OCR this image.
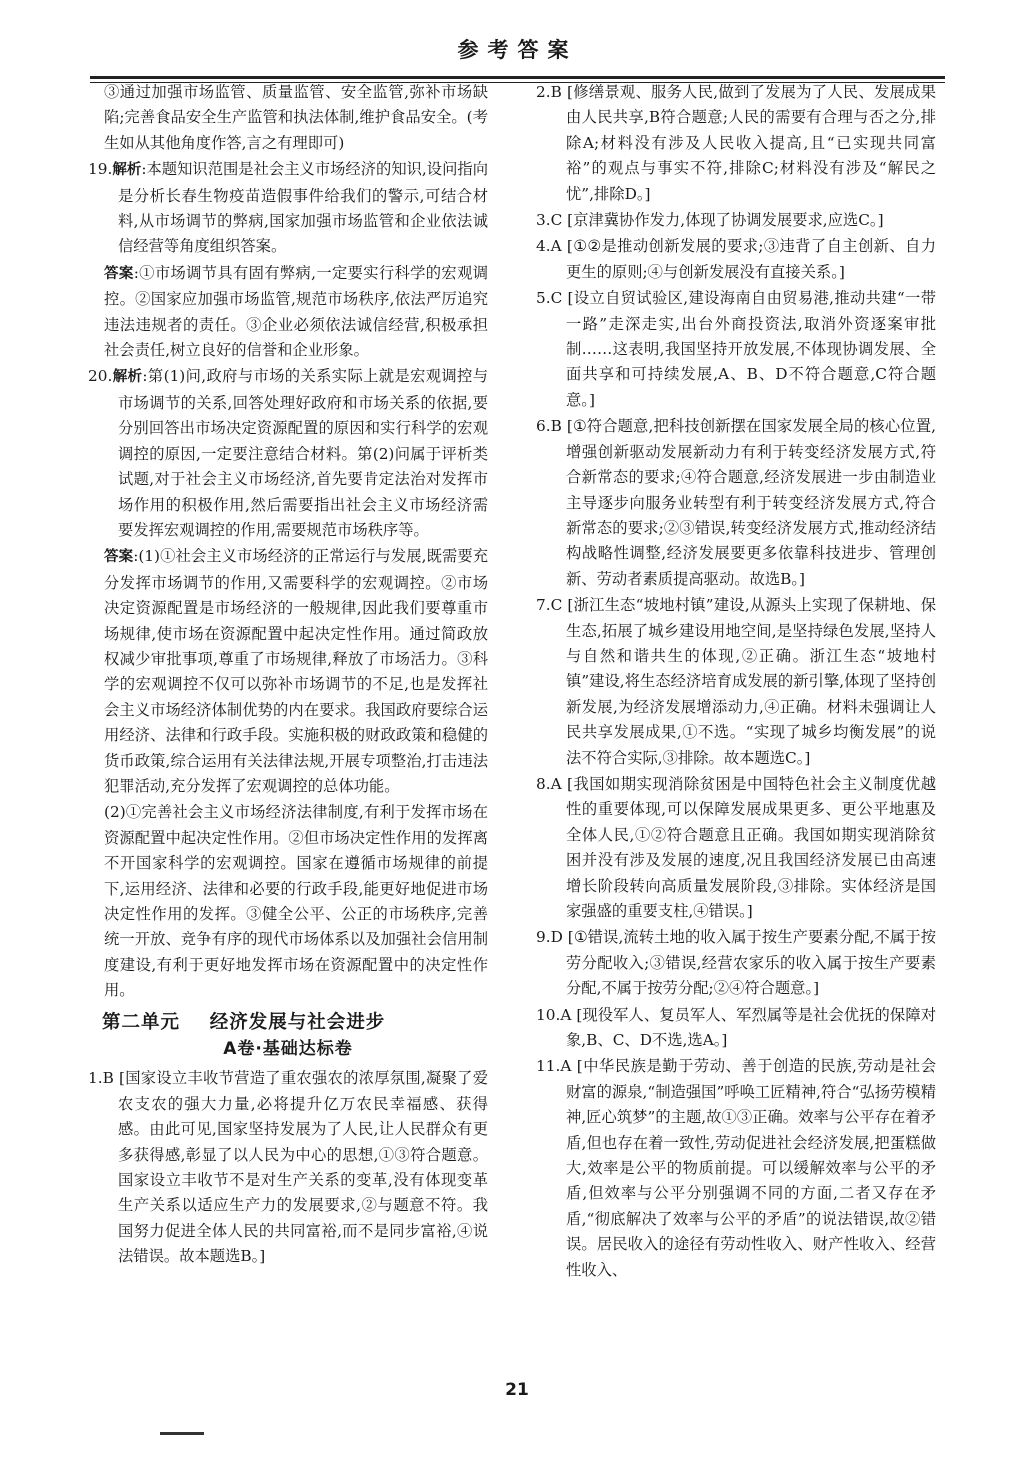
参考答案

③通过加强市场监管、质量监管、安全监管,弥补市场缺陷;完善食品安全生产监管和执法体制,维护食品安全。(考生如从其他角度作答,言之有理即可)

19.解析:本题知识范围是社会主义市场经济的知识,设问指向是分析长春生物疫苗造假事件给我们的警示,可结合材料,从市场调节的弊病,国家加强市场监管和企业依法诚信经营等角度组织答案。

答案:①市场调节具有固有弊病,一定要实行科学的宏观调控。②国家应加强市场监管,规范市场秩序,依法严厉追究违法违规者的责任。③企业必须依法诚信经营,积极承担社会责任,树立良好的信誉和企业形象。

20.解析:第(1)问,政府与市场的关系实际上就是宏观调控与市场调节的关系,回答处理好政府和市场关系的依据,要分别回答出市场决定资源配置的原因和实行科学的宏观调控的原因,一定要注意结合材料。第(2)问属于评析类试题,对于社会主义市场经济,首先要肯定法治对发挥市场作用的积极作用,然后需要指出社会主义市场经济需要发挥宏观调控的作用,需要规范市场秩序等。

答案:(1)①社会主义市场经济的正常运行与发展,既需要充分发挥市场调节的作用,又需要科学的宏观调控。②市场决定资源配置是市场经济的一般规律,因此我们要尊重市场规律,使市场在资源配置中起决定性作用。通过简政放权减少审批事项,尊重了市场规律,释放了市场活力。③科学的宏观调控不仅可以弥补市场调节的不足,也是发挥社会主义市场经济体制优势的内在要求。我国政府要综合运用经济、法律和行政手段。实施积极的财政政策和稳健的货币政策,综合运用有关法律法规,开展专项整治,打击违法犯罪活动,充分发挥了宏观调控的总体功能。

(2)①完善社会主义市场经济法律制度,有利于发挥市场在资源配置中起决定性作用。②但市场决定性作用的发挥离不开国家科学的宏观调控。国家在遵循市场规律的前提下,运用经济、法律和必要的行政手段,能更好地促进市场决定性作用的发挥。③健全公平、公正的市场秩序,完善统一开放、竞争有序的现代市场体系以及加强社会信用制度建设,有利于更好地发挥市场在资源配置中的决定性作用。

第二单元    经济发展与社会进步
A卷·基础达标卷

1.B [国家设立丰收节营造了重农强农的浓厚氛围,凝聚了爱农支农的强大力量,必将提升亿万农民幸福感、获得感。由此可见,国家坚持发展为了人民,让人民群众有更多获得感,彰显了以人民为中心的思想,①③符合题意。国家设立丰收节不是对生产关系的变革,没有体现变革生产关系以适应生产力的发展要求,②与题意不符。我国努力促进全体人民的共同富裕,而不是同步富裕,④说法错误。故本题选B。]

2.B [修缮景观、服务人民,做到了发展为了人民、发展成果由人民共享,B符合题意;人民的需要有合理与否之分,排除A;材料没有涉及人民收入提高,且“已实现共同富裕”的观点与事实不符,排除C;材料没有涉及“解民之忧”,排除D。]

3.C [京津冀协作发力,体现了协调发展要求,应选C。]

4.A [①②是推动创新发展的要求;③违背了自主创新、自力更生的原则;④与创新发展没有直接关系。]

5.C [设立自贸试验区,建设海南自由贸易港,推动共建“一带一路”走深走实,出台外商投资法,取消外资逐案审批制……这表明,我国坚持开放发展,不体现协调发展、全面共享和可持续发展,A、B、D不符合题意,C符合题意。]

6.B [①符合题意,把科技创新摆在国家发展全局的核心位置,增强创新驱动发展新动力有利于转变经济发展方式,符合新常态的要求;④符合题意,经济发展进一步由制造业主导逐步向服务业转型有利于转变经济发展方式,符合新常态的要求;②③错误,转变经济发展方式,推动经济结构战略性调整,经济发展要更多依靠科技进步、管理创新、劳动者素质提高驱动。故选B。]

7.C [浙江生态“坡地村镇”建设,从源头上实现了保耕地、保生态,拓展了城乡建设用地空间,是坚持绿色发展,坚持人与自然和谐共生的体现,②正确。浙江生态“坡地村镇”建设,将生态经济培育成发展的新引擎,体现了坚持创新发展,为经济发展增添动力,④正确。材料未强调让人民共享发展成果,①不选。“实现了城乡均衡发展”的说法不符合实际,③排除。故本题选C。]

8.A [我国如期实现消除贫困是中国特色社会主义制度优越性的重要体现,可以保障发展成果更多、更公平地惠及全体人民,①②符合题意且正确。我国如期实现消除贫困并没有涉及发展的速度,况且我国经济发展已由高速增长阶段转向高质量发展阶段,③排除。实体经济是国家强盛的重要支柱,④错误。]

9.D [①错误,流转土地的收入属于按生产要素分配,不属于按劳分配收入;③错误,经营农家乐的收入属于按生产要素分配,不属于按劳分配;②④符合题意。]

10.A [现役军人、复员军人、军烈属等是社会优抚的保障对象,B、C、D不选,选A。]

11.A [中华民族是勤于劳动、善于创造的民族,劳动是社会财富的源泉,“制造强国”呼唤工匠精神,符合“弘扬劳模精神,匠心筑梦”的主题,故①③正确。效率与公平存在着矛盾,但也存在着一致性,劳动促进社会经济发展,把蛋糕做大,效率是公平的物质前提。可以缓解效率与公平的矛盾,但效率与公平分别强调不同的方面,二者又存在矛盾,“彻底解决了效率与公平的矛盾”的说法错误,故②错误。居民收入的途径有劳动性收入、财产性收入、经营性收入、

21
